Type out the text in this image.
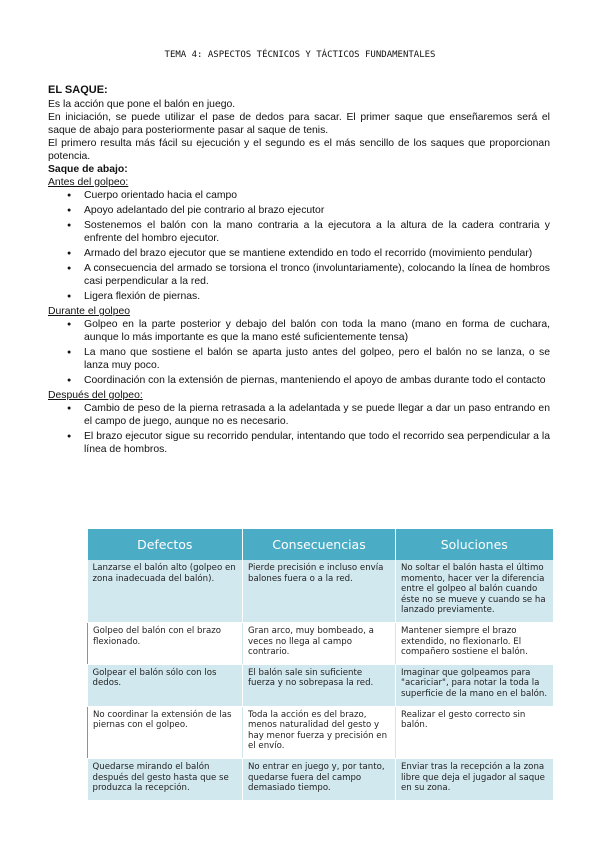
TEMA 4: ASPECTOS TÉCNICOS Y TÁCTICOS FUNDAMENTALES

EL SAQUE:

Es la acción que pone el balón en juego.

En iniciación, se puede utilizar el pase de dedos para sacar. El primer saque que enseñaremos será el saque de abajo para posteriormente pasar al saque de tenis.

El primero resulta más fácil su ejecución y el segundo es el más sencillo de los saques que proporcionan potencia.

Saque de abajo:

Antes del golpeo:

● Cuerpo orientado hacia el campo
● Apoyo adelantado del pie contrario al brazo ejecutor
● Sostenemos el balón con la mano contraria a la ejecutora a la altura de la cadera contraria y enfrente del hombro ejecutor.
● Armado del brazo ejecutor que se mantiene extendido en todo el recorrido (movimiento pendular)
● A consecuencia del armado se torsiona el tronco (involuntariamente), colocando la línea de hombros casi perpendicular a la red.
● Ligera flexión de piernas.

Durante el golpeo

● Golpeo en la parte posterior y debajo del balón con toda la mano (mano en forma de cuchara, aunque lo más importante es que la mano esté suficientemente tensa)
● La mano que sostiene el balón se aparta justo antes del golpeo, pero el balón no se lanza, o se lanza muy poco.
● Coordinación con la extensión de piernas, manteniendo el apoyo de ambas durante todo el contacto

Después del golpeo:

● Cambio de peso de la pierna retrasada a la adelantada y se puede llegar a dar un paso entrando en el campo de juego, aunque no es necesario.
● El brazo ejecutor sigue su recorrido pendular, intentando que todo el recorrido sea perpendicular a la línea de hombros.
Defectos	Consecuencias	Soluciones
Lanzarse el balón alto (golpeo en zona inadecuada del balón).	Pierde precisión e incluso envía balones fuera o a la red.	No soltar el balón hasta el último momento, hacer ver la diferencia entre el golpeo al balón cuando éste no se mueve y cuando se ha lanzado previamente.
Golpeo del balón con el brazo flexionado.	Gran arco, muy bombeado, a veces no llega al campo contrario.	Mantener siempre el brazo extendido, no flexionarlo. El compañero sostiene el balón.
Golpear el balón sólo con los dedos.	El balón sale sin suficiente fuerza y no sobrepasa la red.	Imaginar que golpeamos para "acariciar", para notar la toda la superficie de la mano en el balón.
No coordinar la extensión de las piernas con el golpeo.	Toda la acción es del brazo, menos naturalidad del gesto y hay menor fuerza y precisión en el envío.	Realizar el gesto correcto sin balón.
Quedarse mirando el balón después del gesto hasta que se produzca la recepción.	No entrar en juego y, por tanto, quedarse fuera del campo demasiado tiempo.	Enviar tras la recepción a la zona libre que deja el jugador al saque en su zona.
